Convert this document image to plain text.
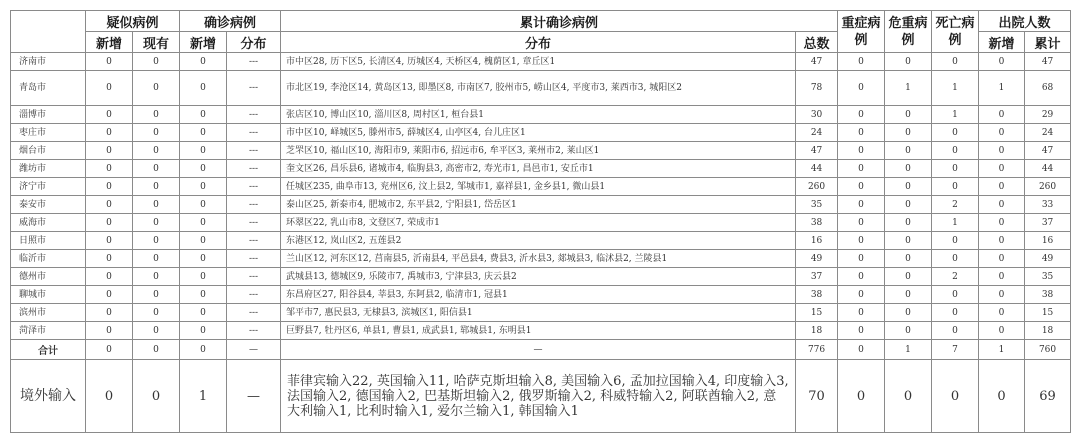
	疑似病例		确诊病例		累计确诊病例		重症病例	危重病例	死亡病例	出院人数	
	新增	现有	新增	分布	分布	总数				新增	累计
济南市	0	0	0	---	市中区28, 历下区5, 长清区4, 历城区4, 天桥区4, 槐荫区1, 章丘区1	47	0	0	0	0	47
青岛市	0	0	0	---	市北区19, 李沧区14, 黄岛区13, 即墨区8, 市南区7, 胶州市5, 崂山区4, 平度市3, 莱西市3, 城阳区2	78	0	1	1	1	68
淄博市	0	0	0	---	张店区10, 博山区10, 淄川区8, 周村区1, 桓台县1	30	0	0	1	0	29
枣庄市	0	0	0	---	市中区10, 峄城区5, 滕州市5, 薛城区4, 山亭区4, 台儿庄区1	24	0	0	0	0	24
烟台市	0	0	0	---	芝罘区10, 福山区10, 海阳市9, 莱阳市6, 招远市6, 牟平区3, 莱州市2, 莱山区1	47	0	0	0	0	47
潍坊市	0	0	0	---	奎文区26, 昌乐县6, 诸城市4, 临朐县3, 高密市2, 寿光市1, 昌邑市1, 安丘市1	44	0	0	0	0	44
济宁市	0	0	0	---	任城区235, 曲阜市13, 兖州区6, 汶上县2, 邹城市1, 嘉祥县1, 金乡县1, 微山县1	260	0	0	0	0	260
泰安市	0	0	0	---	泰山区25, 新泰市4, 肥城市2, 东平县2, 宁阳县1, 岱岳区1	35	0	0	2	0	33
威海市	0	0	0	---	环翠区22, 乳山市8, 文登区7, 荣成市1	38	0	0	1	0	37
日照市	0	0	0	---	东港区12, 岚山区2, 五莲县2	16	0	0	0	0	16
临沂市	0	0	0	---	兰山区12, 河东区12, 莒南县5, 沂南县4, 平邑县4, 费县3, 沂水县3, 郯城县3, 临沭县2, 兰陵县1	49	0	0	0	0	49
德州市	0	0	0	---	武城县13, 德城区9, 乐陵市7, 禹城市3, 宁津县3, 庆云县2	37	0	0	2	0	35
聊城市	0	0	0	---	东昌府区27, 阳谷县4, 莘县3, 东阿县2, 临清市1, 冠县1	38	0	0	0	0	38
滨州市	0	0	0	---	邹平市7, 惠民县3, 无棣县3, 滨城区1, 阳信县1	15	0	0	0	0	15
菏泽市	0	0	0	---	巨野县7, 牡丹区6, 单县1, 曹县1, 成武县1, 郓城县1, 东明县1	18	0	0	0	0	18
合计	0	0	0	—	—	776	0	1	7	1	760
境外输入	0	0	1	—	菲律宾输入22, 英国输入11, 哈萨克斯坦输入8, 美国输入6, 孟加拉国输入4, 印度输入3, 法国输入2, 德国输入2, 巴基斯坦输入2, 俄罗斯输入2, 科威特输入2, 阿联酋输入2, 意大利输入1, 比利时输入1, 爱尔兰输入1, 韩国输入1	70	0	0	0	0	69
